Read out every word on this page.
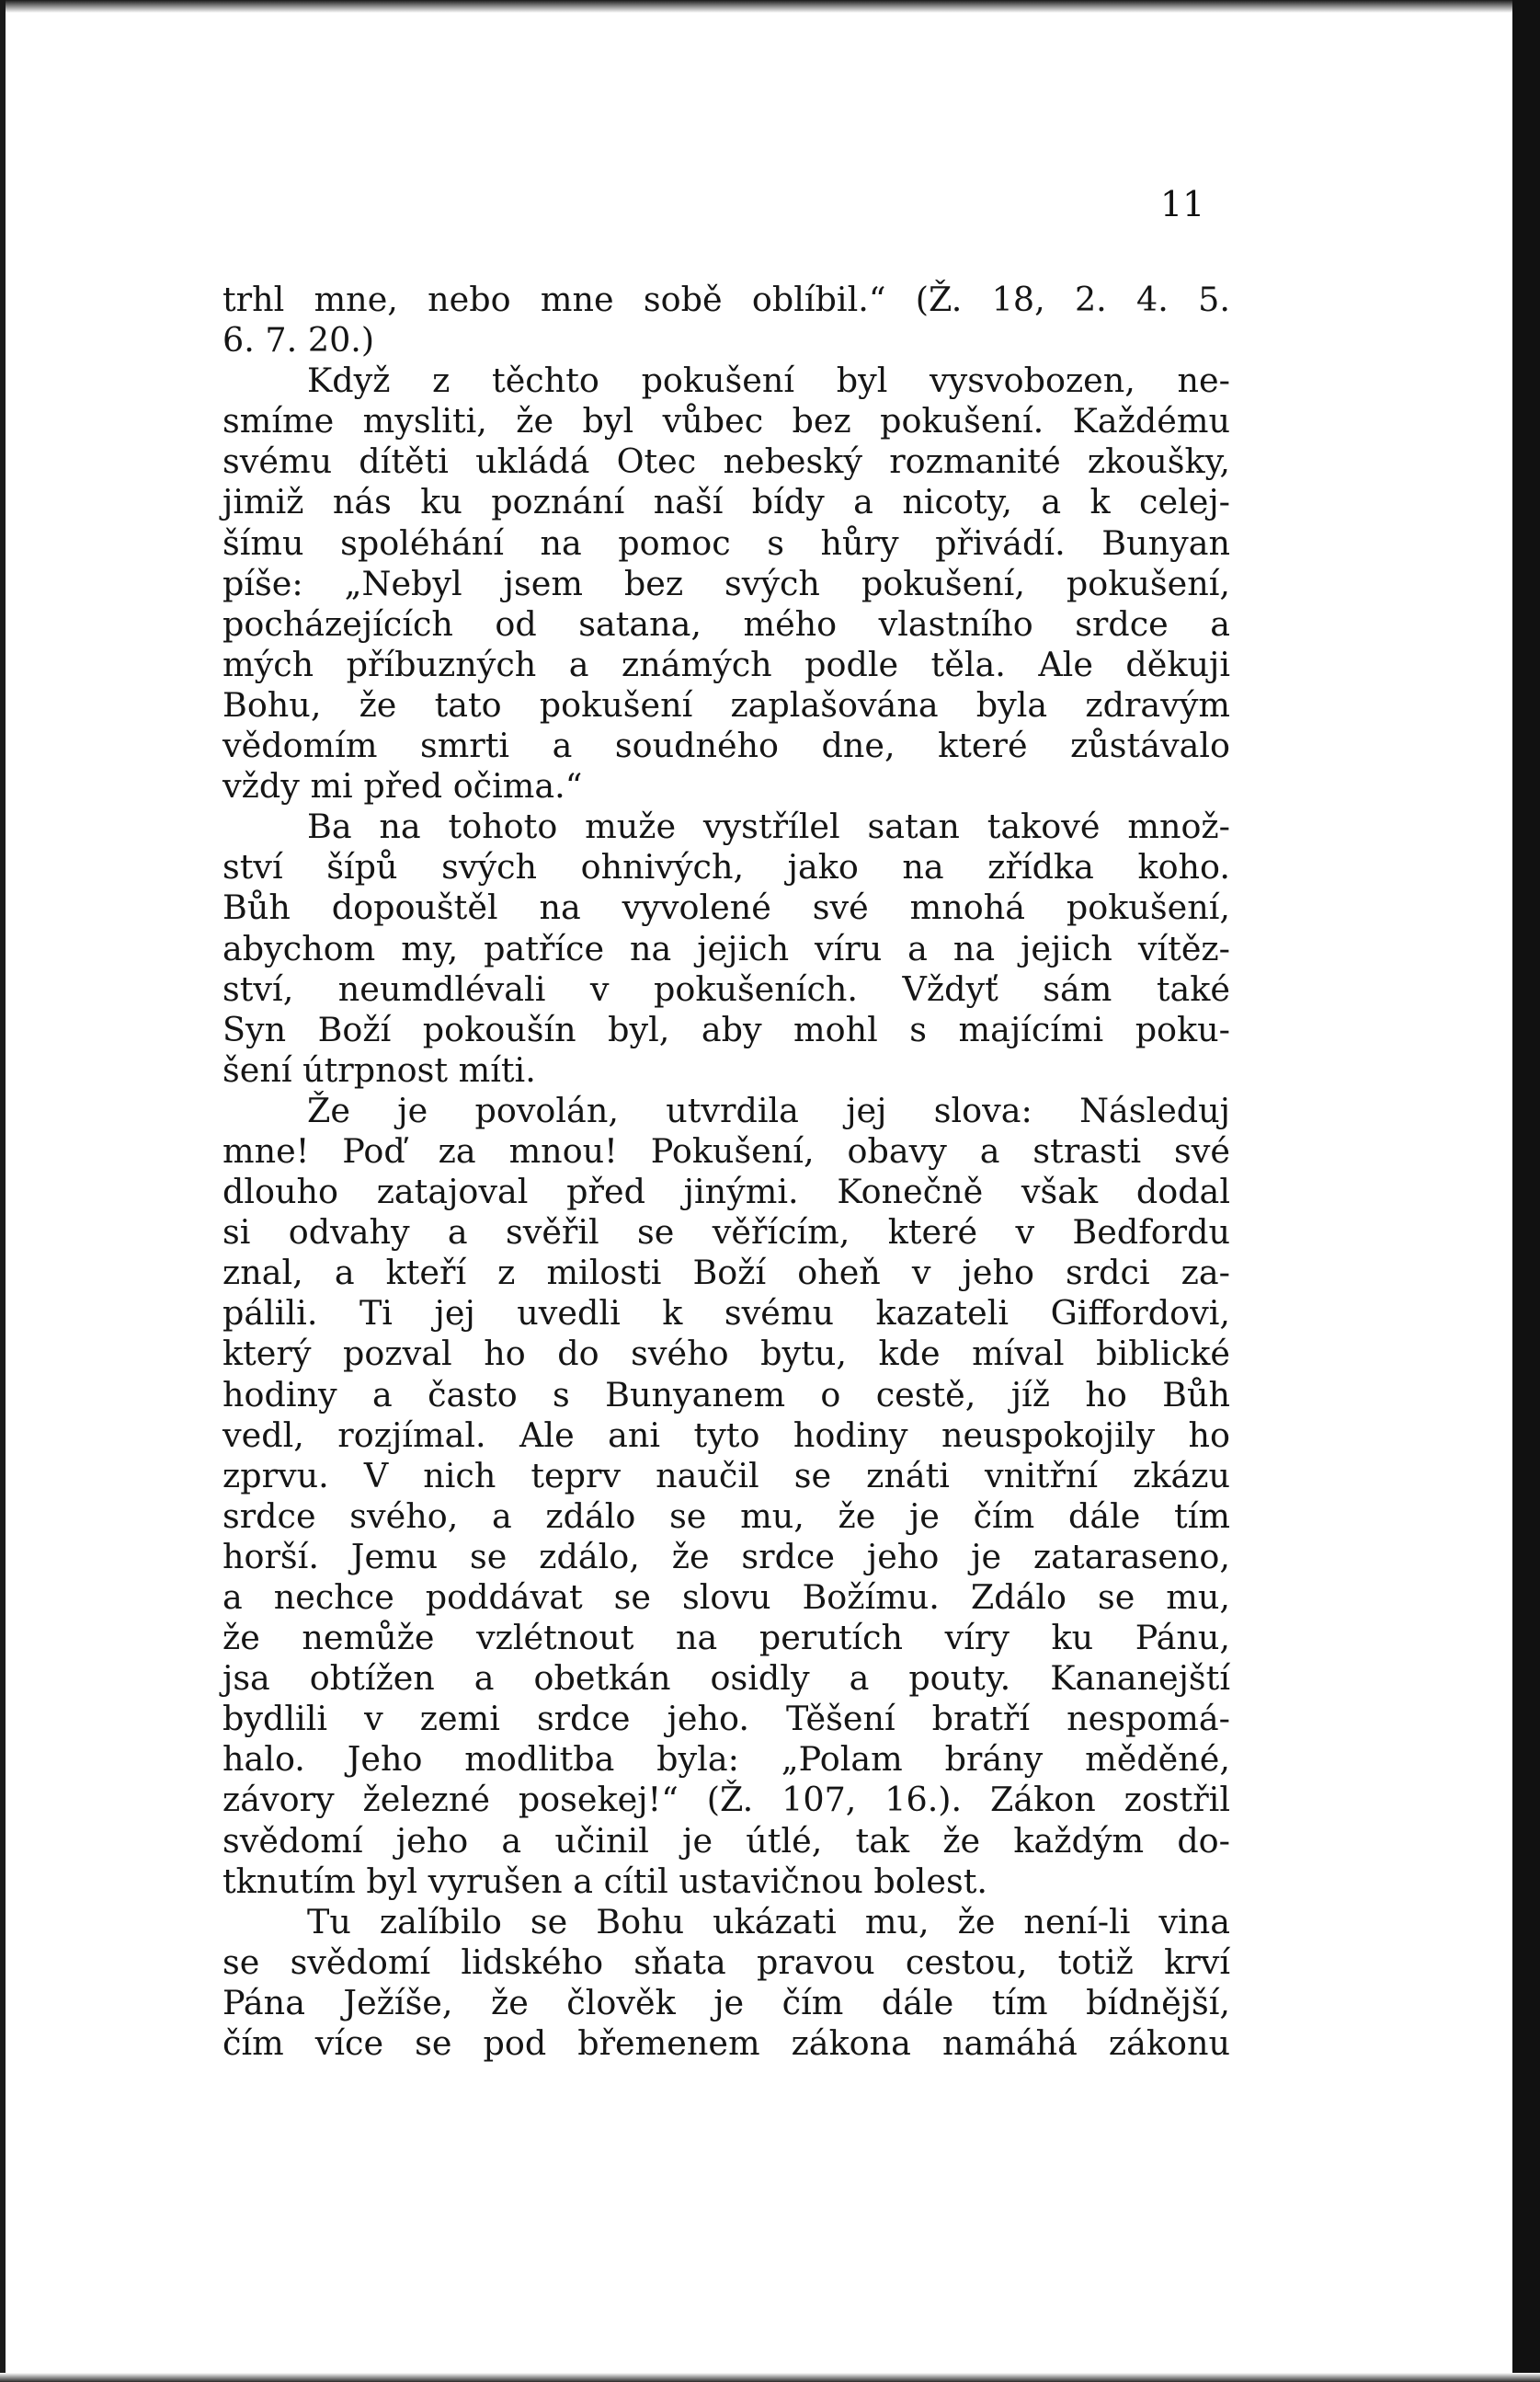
11
trhl mne, nebo mne sobě oblíbil.“ (Ž. 18, 2. 4. 5.
6. 7. 20.)
Když z těchto pokušení byl vysvobozen, ne-
smíme mysliti, že byl vůbec bez pokušení. Každému
svému dítěti ukládá Otec nebeský rozmanité zkoušky,
jimiž nás ku poznání naší bídy a nicoty, a k celej-
šímu spoléhání na pomoc s hůry přivádí. Bunyan
píše: „Nebyl jsem bez svých pokušení, pokušení,
pocházejících od satana, mého vlastního srdce a
mých příbuzných a známých podle těla. Ale děkuji
Bohu, že tato pokušení zaplašována byla zdravým
vědomím smrti a soudného dne, které zůstávalo
vždy mi před očima.“
Ba na tohoto muže vystřílel satan takové množ-
ství šípů svých ohnivých, jako na zřídka koho.
Bůh dopouštěl na vyvolené své mnohá pokušení,
abychom my, patříce na jejich víru a na jejich vítěz-
ství, neumdlévali v pokušeních. Vždyť sám také
Syn Boží pokoušín byl, aby mohl s majícími poku-
šení útrpnost míti.
Že je povolán, utvrdila jej slova: Následuj
mne! Poď za mnou! Pokušení, obavy a strasti své
dlouho zatajoval před jinými. Konečně však dodal
si odvahy a svěřil se věřícím, které v Bedfordu
znal, a kteří z milosti Boží oheň v jeho srdci za-
pálili. Ti jej uvedli k svému kazateli Giffordovi,
který pozval ho do svého bytu, kde míval biblické
hodiny a často s Bunyanem o cestě, jíž ho Bůh
vedl, rozjímal. Ale ani tyto hodiny neuspokojily ho
zprvu. V nich teprv naučil se znáti vnitřní zkázu
srdce svého, a zdálo se mu, že je čím dále tím
horší. Jemu se zdálo, že srdce jeho je zataraseno,
a nechce poddávat se slovu Božímu. Zdálo se mu,
že nemůže vzlétnout na perutích víry ku Pánu,
jsa obtížen a obetkán osidly a pouty. Kananejští
bydlili v zemi srdce jeho. Těšení bratří nespomá-
halo. Jeho modlitba byla: „Polam brány měděné,
závory železné posekej!“ (Ž. 107, 16.). Zákon zostřil
svědomí jeho a učinil je útlé, tak že každým do-
tknutím byl vyrušen a cítil ustavičnou bolest.
Tu zalíbilo se Bohu ukázati mu, že není-li vina
se svědomí lidského sňata pravou cestou, totiž krví
Pána Ježíše, že člověk je čím dále tím bídnější,
čím více se pod břemenem zákona namáhá zákonu
